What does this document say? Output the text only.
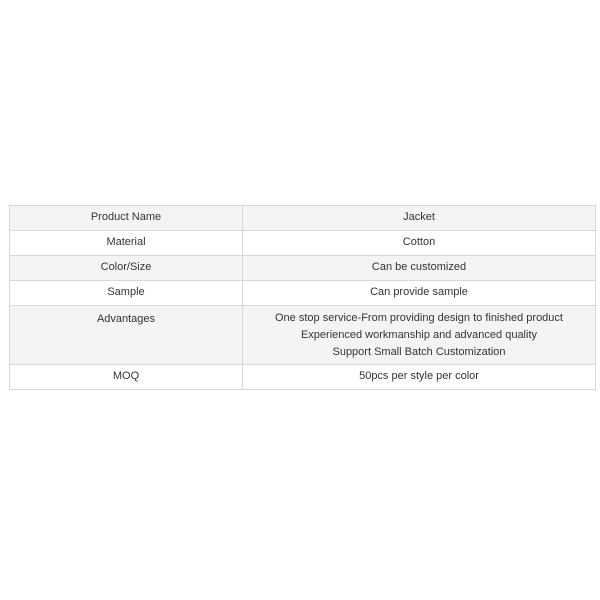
Product Name	Jacket
Material	Cotton
Color/Size	Can be customized
Sample	Can provide sample
Advantages	One stop service-From providing design to finished product
Experienced workmanship and advanced quality
Support Small Batch Customization

MOQ	50pcs per style per color
